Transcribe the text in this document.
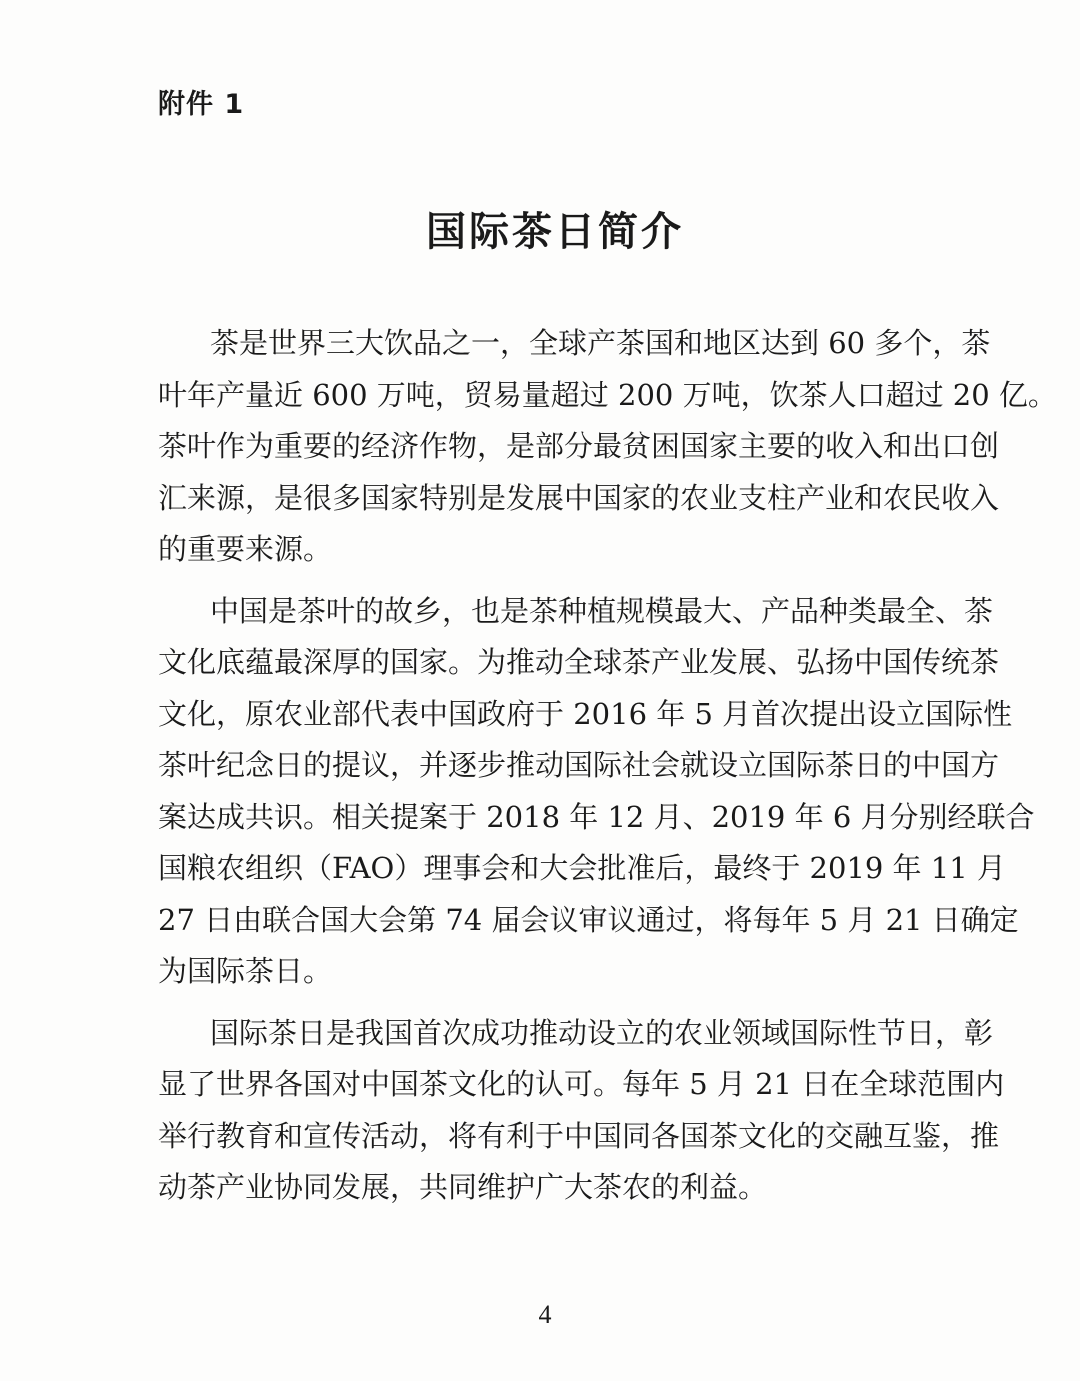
附件 1
国际茶日简介

茶是世界三大饮品之一，全球产茶国和地区达到 60 多个，茶
叶年产量近 600 万吨，贸易量超过 200 万吨，饮茶人口超过 20 亿。
茶叶作为重要的经济作物，是部分最贫困国家主要的收入和出口创
汇来源，是很多国家特别是发展中国家的农业支柱产业和农民收入
的重要来源。

中国是茶叶的故乡，也是茶种植规模最大、产品种类最全、茶
文化底蕴最深厚的国家。为推动全球茶产业发展、弘扬中国传统茶
文化，原农业部代表中国政府于 2016 年 5 月首次提出设立国际性
茶叶纪念日的提议，并逐步推动国际社会就设立国际茶日的中国方
案达成共识。相关提案于 2018 年 12 月、2019 年 6 月分别经联合
国粮农组织（FAO）理事会和大会批准后，最终于 2019 年 11 月
27 日由联合国大会第 74 届会议审议通过，将每年 5 月 21 日确定
为国际茶日。

国际茶日是我国首次成功推动设立的农业领域国际性节日，彰
显了世界各国对中国茶文化的认可。每年 5 月 21 日在全球范围内
举行教育和宣传活动，将有利于中国同各国茶文化的交融互鉴，推
动茶产业协同发展，共同维护广大茶农的利益。

4
